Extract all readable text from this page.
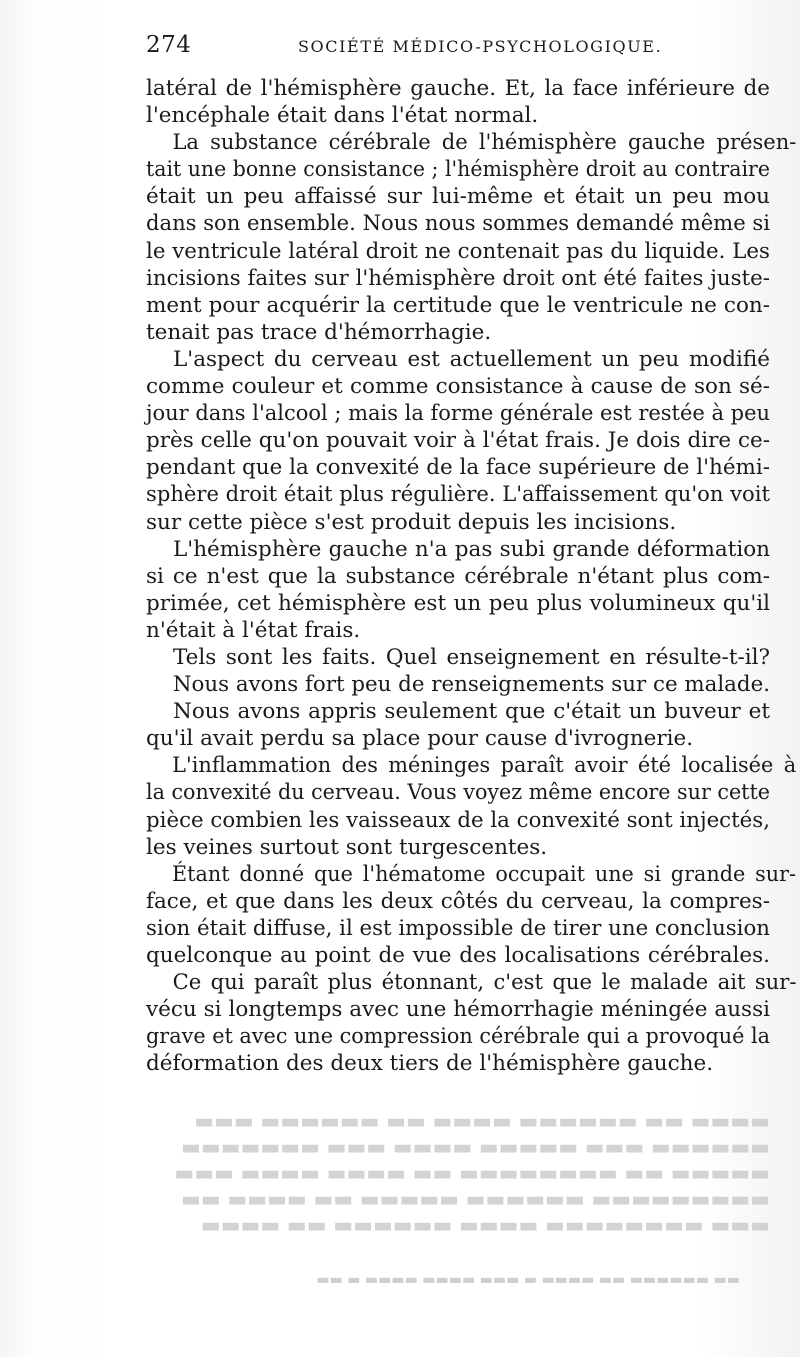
274	SOCIÉTÉ MÉDICO-PSYCHOLOGIQUE.
latéral de l'hémisphère gauche. Et, la face inférieure de
l'encéphale était dans l'état normal.
La substance cérébrale de l'hémisphère gauche présen-
tait une bonne consistance ; l'hémisphère droit au contraire
était un peu affaissé sur lui-même et était un peu mou
dans son ensemble. Nous nous sommes demandé même si
le ventricule latéral droit ne contenait pas du liquide. Les
incisions faites sur l'hémisphère droit ont été faites juste-
ment pour acquérir la certitude que le ventricule ne con-
tenait pas trace d'hémorrhagie.
L'aspect du cerveau est actuellement un peu modifié
comme couleur et comme consistance à cause de son sé-
jour dans l'alcool ; mais la forme générale est restée à peu
près celle qu'on pouvait voir à l'état frais. Je dois dire ce-
pendant que la convexité de la face supérieure de l'hémi-
sphère droit était plus régulière. L'affaissement qu'on voit
sur cette pièce s'est produit depuis les incisions.
L'hémisphère gauche n'a pas subi grande déformation
si ce n'est que la substance cérébrale n'étant plus com-
primée, cet hémisphère est un peu plus volumineux qu'il
n'était à l'état frais.
Tels sont les faits. Quel enseignement en résulte-t-il?
Nous avons fort peu de renseignements sur ce malade.
Nous avons appris seulement que c'était un buveur et
qu'il avait perdu sa place pour cause d'ivrognerie.
L'inflammation des méninges paraît avoir été localisée à
la convexité du cerveau. Vous voyez même encore sur cette
pièce combien les vaisseaux de la convexité sont injectés,
les veines surtout sont turgescentes.
Étant donné que l'hématome occupait une si grande sur-
face, et que dans les deux côtés du cerveau, la compres-
sion était diffuse, il est impossible de tirer une conclusion
quelconque au point de vue des localisations cérébrales.
Ce qui paraît plus étonnant, c'est que le malade ait sur-
vécu si longtemps avec une hémorrhagie méningée aussi
grave et avec une compression cérébrale qui a provoqué la
déformation des deux tiers de l'hémisphère gauche.
▬▬▬▬ ▬▬ ▬▬▬▬▬▬ ▬▬▬▬ ▬▬ ▬▬▬▬▬▬ ▬▬▬
▬▬▬▬▬▬ ▬▬▬ ▬▬▬▬▬ ▬▬▬▬ ▬▬▬ ▬▬▬▬▬▬▬
▬▬▬▬▬ ▬▬ ▬▬▬▬▬▬▬▬ ▬▬ ▬▬▬▬ ▬▬▬▬ ▬▬▬
▬▬▬▬▬▬▬▬▬ ▬▬▬▬▬▬ ▬▬▬▬▬ ▬▬ ▬▬▬▬ ▬▬
▬▬▬ ▬▬▬▬▬▬▬▬ ▬▬▬▬ ▬▬▬▬▬▬ ▬▬ ▬▬▬▬
▬▬ ▬▬▬▬▬▬ ▬▬ ▬▬▬▬ ▬ ▬▬▬ ▬▬▬▬ ▬▬▬▬ ▬ ▬▬
